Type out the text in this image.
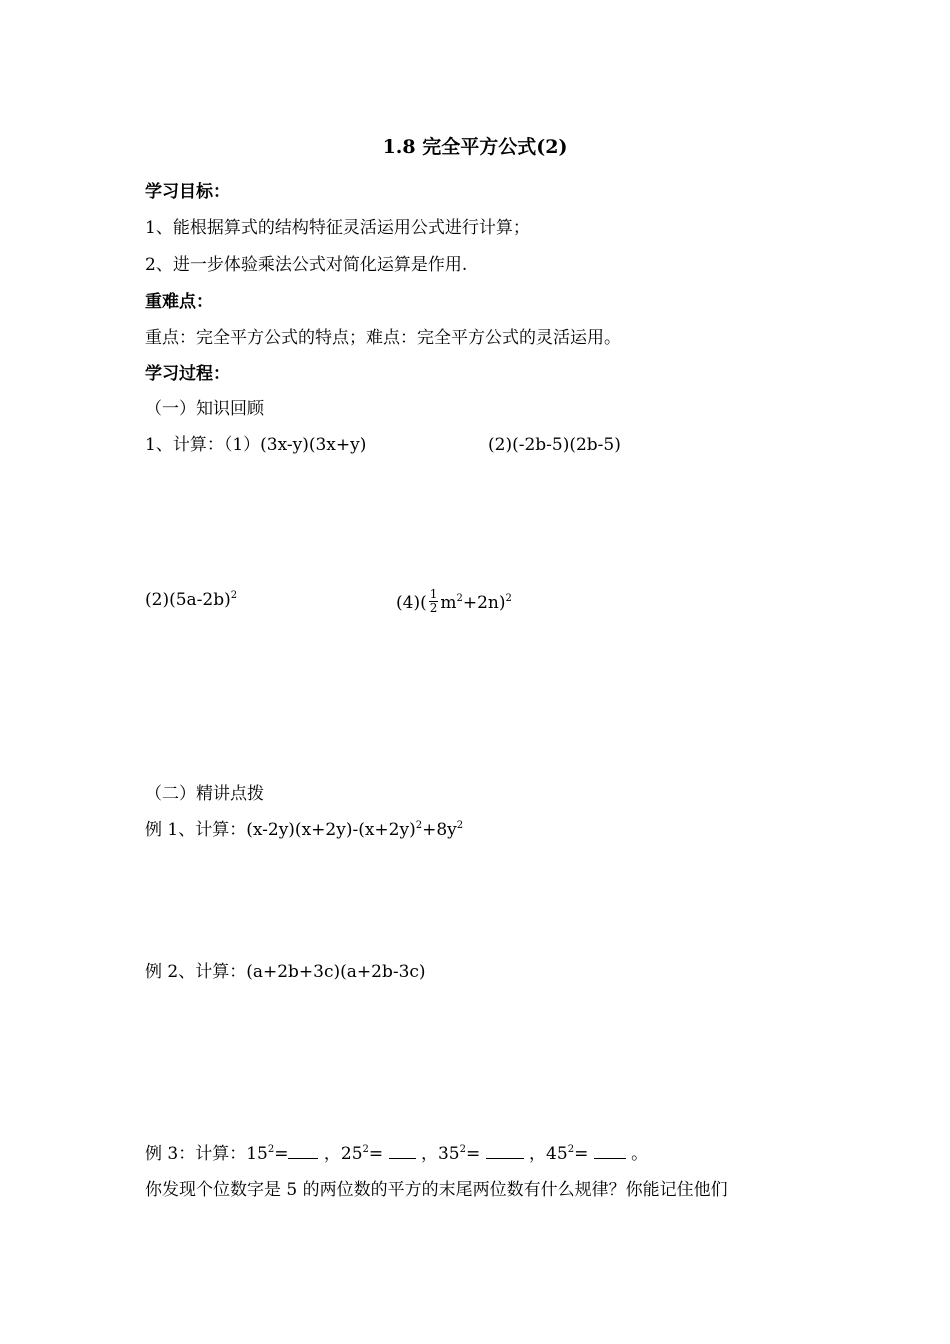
1.8 完全平方公式(2)
学习目标：
1、能根据算式的结构特征灵活运用公式进行计算；
2、进一步体验乘法公式对简化运算是作用.
重难点：
重点：完全平方公式的特点；难点：完全平方公式的灵活运用。
学习过程：
（一）知识回顾
1、计算：（1）(3x-y)(3x+y)	(2)(-2b-5)(2b-5)
$(2)(5a-2b)^2$	$(4)( \frac{1}{2} m^2+2n)^2$
（二）精讲点拨
例 1、计算：$(x-2y)(x+2y)-(x+2y)^2+8y^2$
例 2、计算：(a+2b+3c)(a+2b-3c)
例 3：计算：$15^2=$ ，$25^2=$ ，$35^2=$	，$45^2=$	。
你发现个位数字是 5 的两位数的平方的末尾两位数有什么规律？你能记住他们
